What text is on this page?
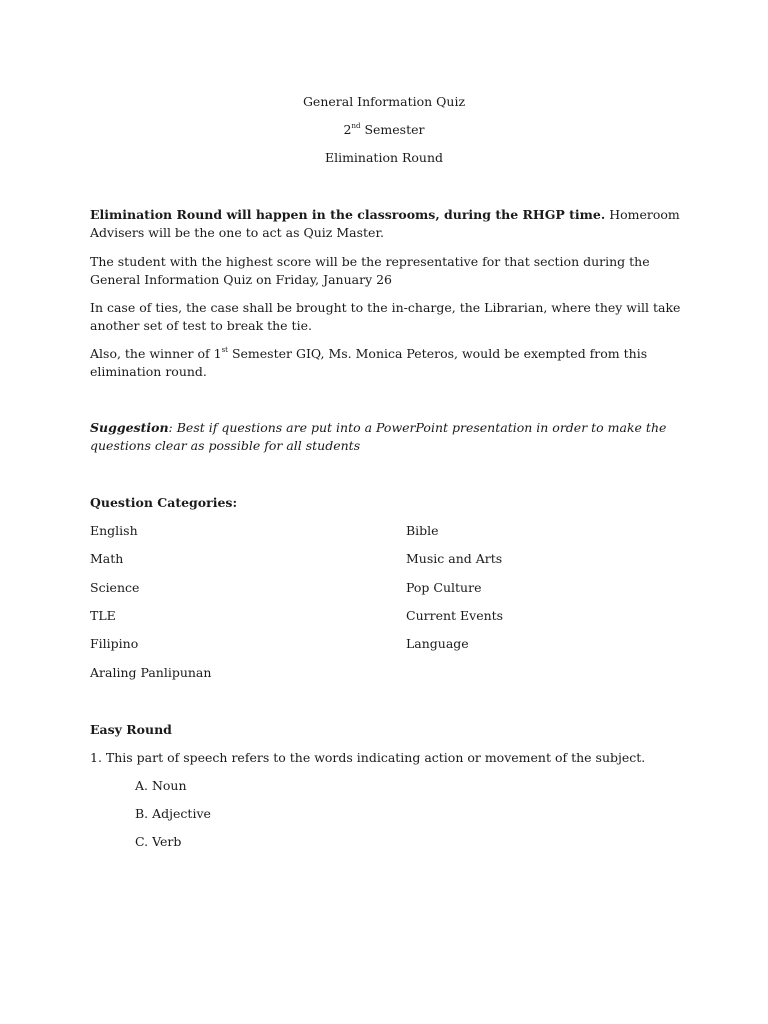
General Information Quiz
2nd Semester
Elimination Round
Elimination Round will happen in the classrooms, during the RHGP time. Homeroom Advisers will be the one to act as Quiz Master.
The student with the highest score will be the representative for that section during the General Information Quiz on Friday, January 26
In case of ties, the case shall be brought to the in-charge, the Librarian, where they will take another set of test to break the tie.
Also, the winner of 1st Semester GIQ, Ms. Monica Peteros, would be exempted from this elimination round.
Suggestion: Best if questions are put into a PowerPoint presentation in order to make the questions clear as possible for all students
Question Categories:
English
Math
Science
TLE
Filipino
Araling Panlipunan
Bible
Music and Arts
Pop Culture
Current Events
Language
Easy Round
1. This part of speech refers to the words indicating action or movement of the subject.
A. Noun
B. Adjective
C. Verb
